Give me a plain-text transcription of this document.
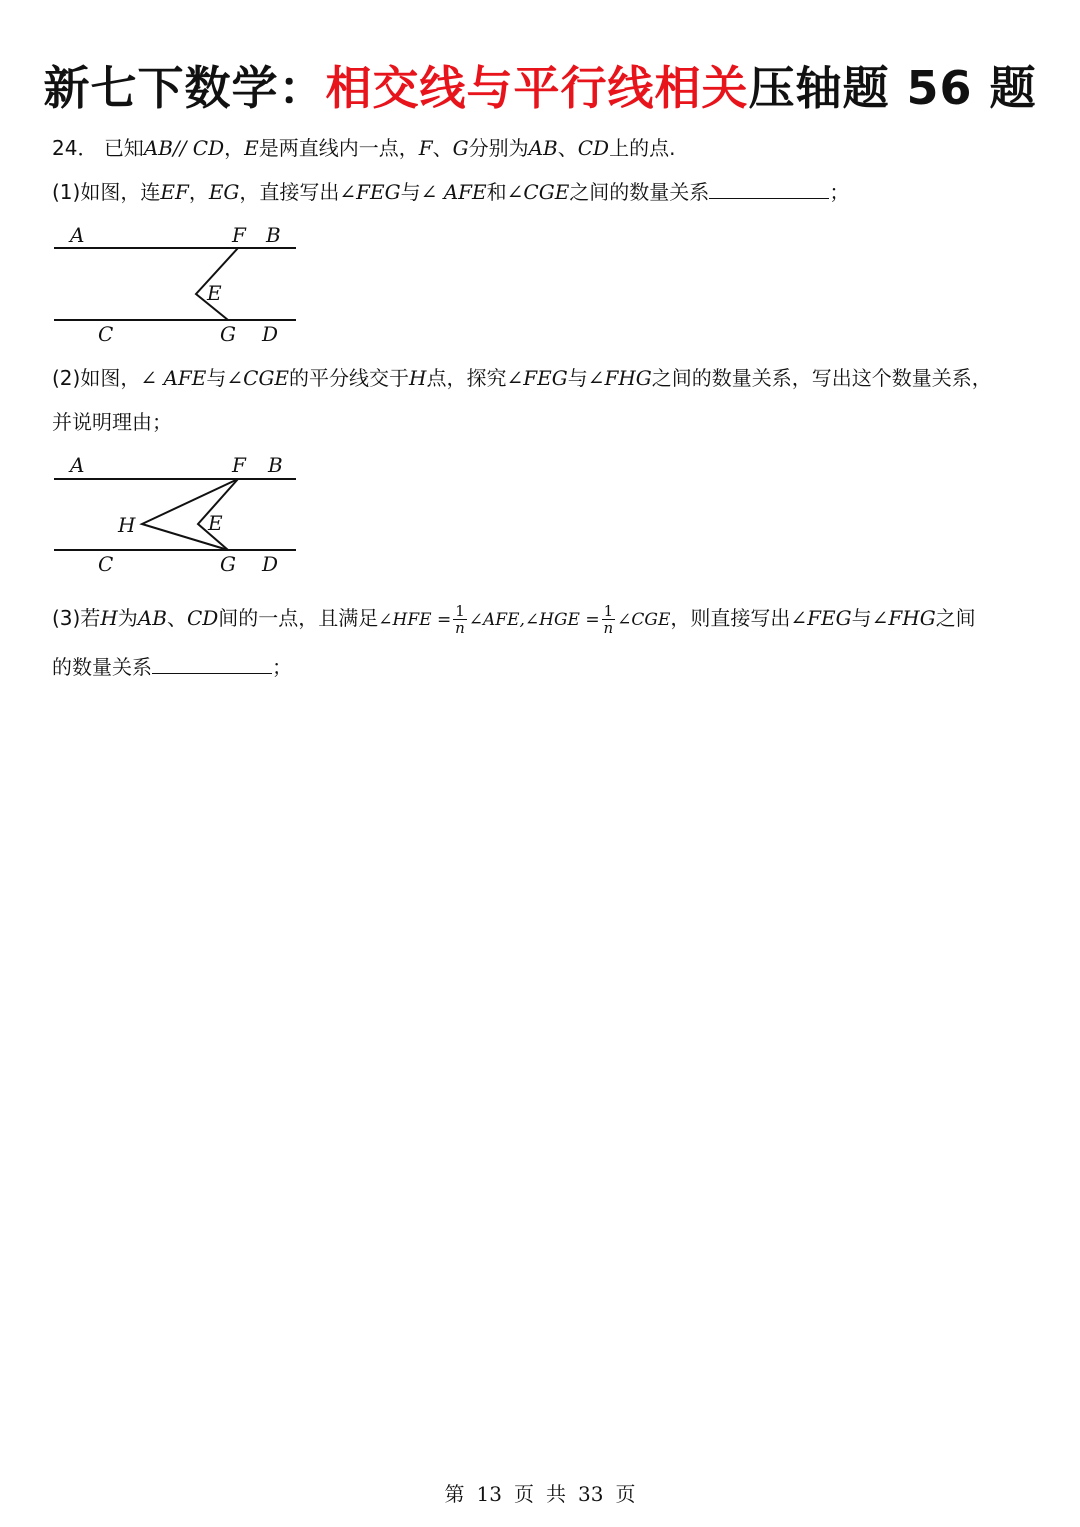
新七下数学：相交线与平行线相关压轴题 56 题
24． 已知AB// CD，E是两直线内一点，F、G分别为AB、CD上的点.
(1)如图，连EF，EG，直接写出∠FEG与∠ AFE和∠CGE之间的数量关系	；
A	F B
E
C	G D
(2)如图，∠ AFE与∠CGE的平分线交于H点，探究∠FEG与∠FHG之间的数量关系，写出这个数量关系，
并说明理由；
A	F B
H	E
C	G D
(3)若H为AB、CD间的一点，且满足∠HFE = $\frac{1}{n}$ ∠AFE,∠HGE = $\frac{1}{n}$ ∠CGE，则直接写出∠FEG与∠FHG之间
的数量关系	；
第 13 页 共 33 页
